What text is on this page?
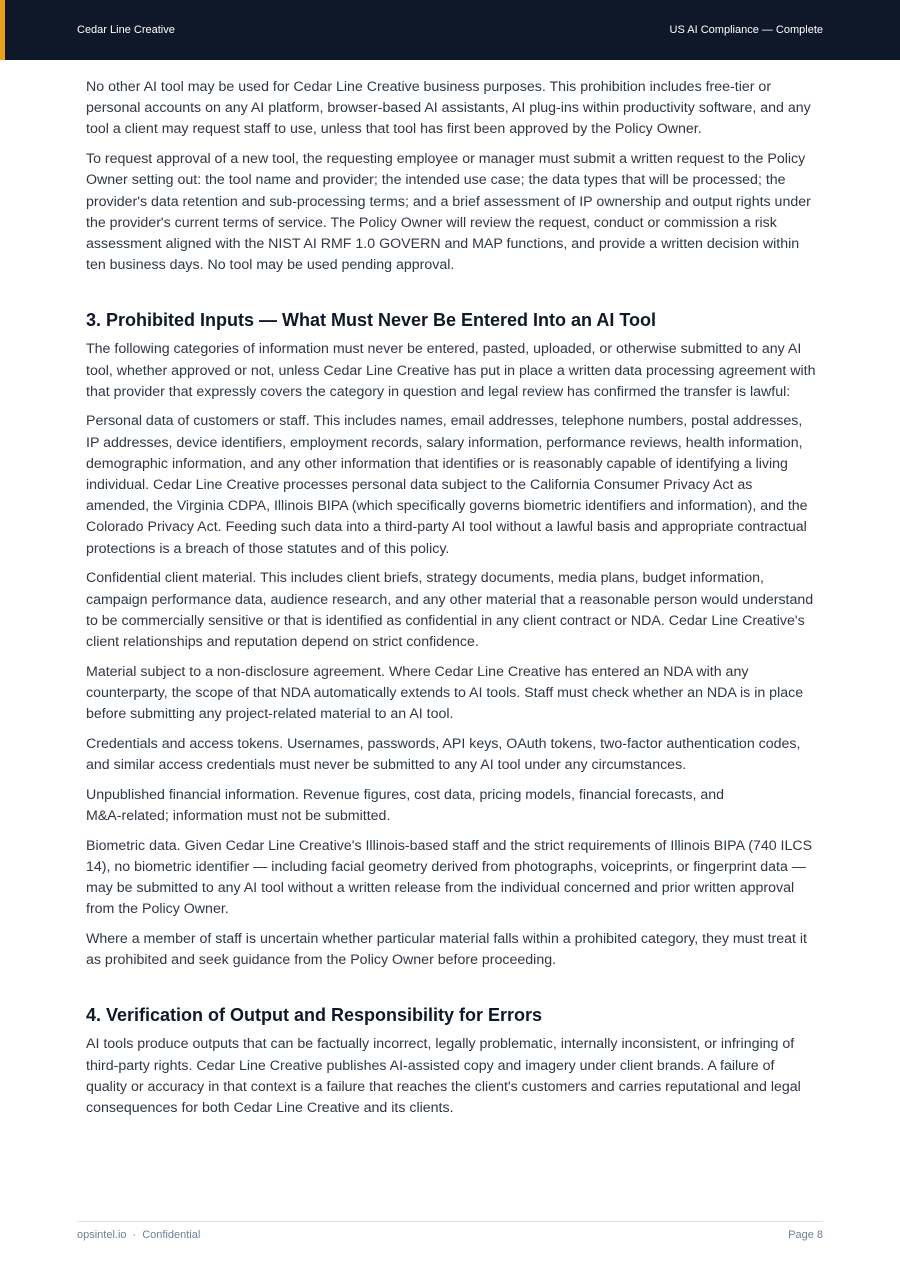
Cedar Line Creative	US AI Compliance — Complete

No other AI tool may be used for Cedar Line Creative business purposes. This prohibition includes free-tier or personal accounts on any AI platform, browser-based AI assistants, AI plug-ins within productivity software, and any tool a client may request staff to use, unless that tool has first been approved by the Policy Owner.

To request approval of a new tool, the requesting employee or manager must submit a written request to the Policy Owner setting out: the tool name and provider; the intended use case; the data types that will be processed; the provider's data retention and sub-processing terms; and a brief assessment of IP ownership and output rights under the provider's current terms of service. The Policy Owner will review the request, conduct or commission a risk assessment aligned with the NIST AI RMF 1.0 GOVERN and MAP functions, and provide a written decision within ten business days. No tool may be used pending approval.

3. Prohibited Inputs — What Must Never Be Entered Into an AI Tool

The following categories of information must never be entered, pasted, uploaded, or otherwise submitted to any AI tool, whether approved or not, unless Cedar Line Creative has put in place a written data processing agreement with that provider that expressly covers the category in question and legal review has confirmed the transfer is lawful:

Personal data of customers or staff. This includes names, email addresses, telephone numbers, postal addresses, IP addresses, device identifiers, employment records, salary information, performance reviews, health information, demographic information, and any other information that identifies or is reasonably capable of identifying a living individual. Cedar Line Creative processes personal data subject to the California Consumer Privacy Act as amended, the Virginia CDPA, Illinois BIPA (which specifically governs biometric identifiers and information), and the Colorado Privacy Act. Feeding such data into a third-party AI tool without a lawful basis and appropriate contractual protections is a breach of those statutes and of this policy.

Confidential client material. This includes client briefs, strategy documents, media plans, budget information, campaign performance data, audience research, and any other material that a reasonable person would understand to be commercially sensitive or that is identified as confidential in any client contract or NDA. Cedar Line Creative's client relationships and reputation depend on strict confidence.

Material subject to a non-disclosure agreement. Where Cedar Line Creative has entered an NDA with any counterparty, the scope of that NDA automatically extends to AI tools. Staff must check whether an NDA is in place before submitting any project-related material to an AI tool.

Credentials and access tokens. Usernames, passwords, API keys, OAuth tokens, two-factor authentication codes, and similar access credentials must never be submitted to any AI tool under any circumstances.

Unpublished financial information. Revenue figures, cost data, pricing models, financial forecasts, and
M&A-related; information must not be submitted.

Biometric data. Given Cedar Line Creative's Illinois-based staff and the strict requirements of Illinois BIPA (740 ILCS 14), no biometric identifier — including facial geometry derived from photographs, voiceprints, or fingerprint data — may be submitted to any AI tool without a written release from the individual concerned and prior written approval from the Policy Owner.

Where a member of staff is uncertain whether particular material falls within a prohibited category, they must treat it as prohibited and seek guidance from the Policy Owner before proceeding.

4. Verification of Output and Responsibility for Errors

AI tools produce outputs that can be factually incorrect, legally problematic, internally inconsistent, or infringing of third-party rights. Cedar Line Creative publishes AI-assisted copy and imagery under client brands. A failure of quality or accuracy in that context is a failure that reaches the client's customers and carries reputational and legal consequences for both Cedar Line Creative and its clients.

opsintel.io · Confidential	Page 8
